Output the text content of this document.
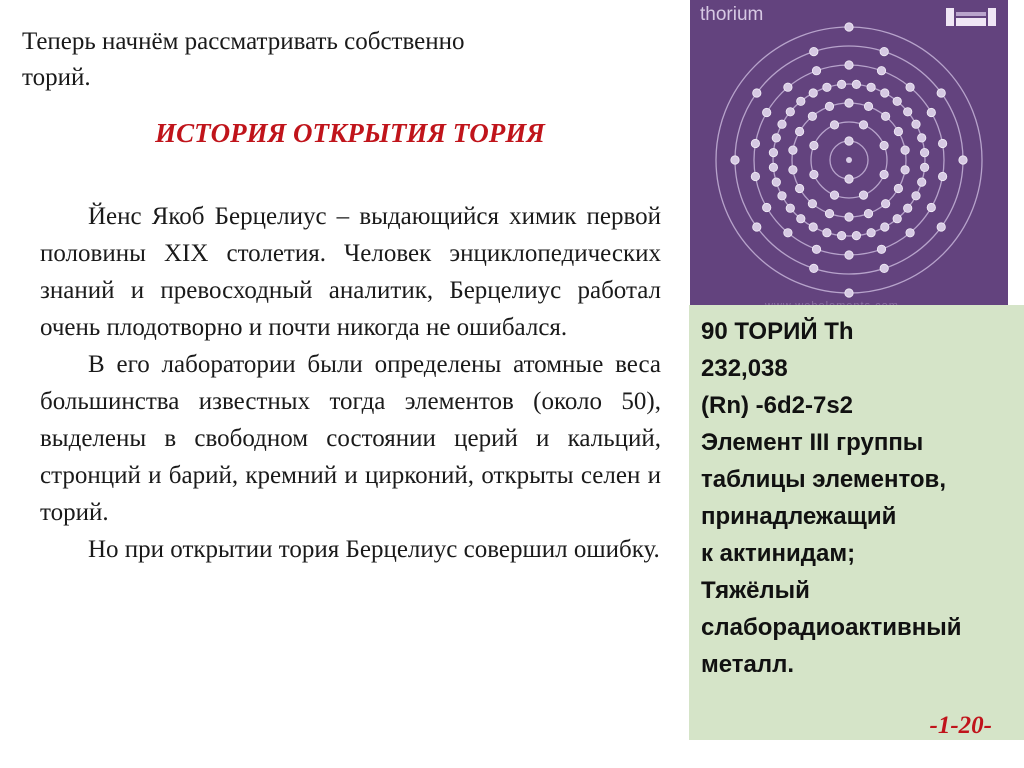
Теперь начнём рассматривать собственно
торий.
ИСТОРИЯ ОТКРЫТИЯ ТОРИЯ

Йенс Якоб Берцелиус – выдающийся химик первой половины XIX столетия. Человек энциклопедических знаний и превосходный аналитик, Берцелиус работал очень плодотворно и почти никогда не ошибался.

В его лаборатории были определены атомные веса большинства известных тогда элементов (около 50), выделены в свободном состоянии церий и кальций, стронций и барий, кремний и цирконий, открыты селен и торий.

Но при открытии тория Берцелиус совершил ошибку.

thorium
90 ТОРИЙ Th
232,038
(Rn) -6d2-7s2
Элемент III группы
таблицы элементов,
принадлежащий
к актинидам;
Тяжёлый
слаборадиоактивный
металл.
-1-20-
